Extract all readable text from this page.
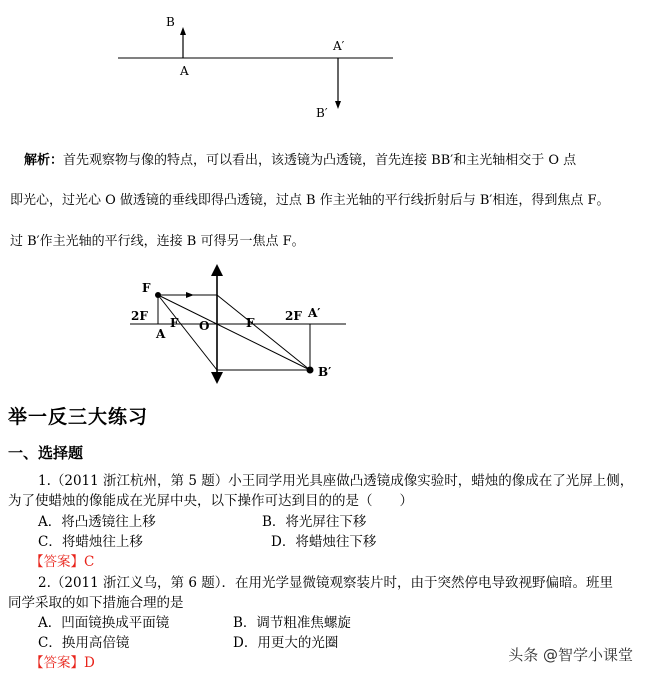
B
A
A′
B′
解析：首先观察物与像的特点，可以看出，该透镜为凸透镜，首先连接 BB′和主光轴相交于 O 点
即光心，过光心 O 做透镜的垂线即得凸透镜，过点 B 作主光轴的平行线折射后与 B′相连，得到焦点 F。
过 B′作主光轴的平行线，连接 B 可得另一焦点 F。
F
2F F O	F	2F
A
A′
B′
举一反三大练习
一、选择题
1.（2011 浙江杭州，第 5 题）小王同学用光具座做凸透镜成像实验时，蜡烛的像成在了光屏上侧，
为了使蜡烛的像能成在光屏中央，以下操作可达到目的的是（　　）
A．将凸透镜往上移	B．将光屏往下移
C．将蜡烛往上移	D．将蜡烛往下移
【答案】C
2.（2011 浙江义乌，第 6 题）．在用光学显微镜观察装片时，由于突然停电导致视野偏暗。班里
同学采取的如下措施合理的是
A．凹面镜换成平面镜	B．调节粗准焦螺旋
C．换用高倍镜	D．用更大的光圈
【答案】D	头条 @智学小课堂
